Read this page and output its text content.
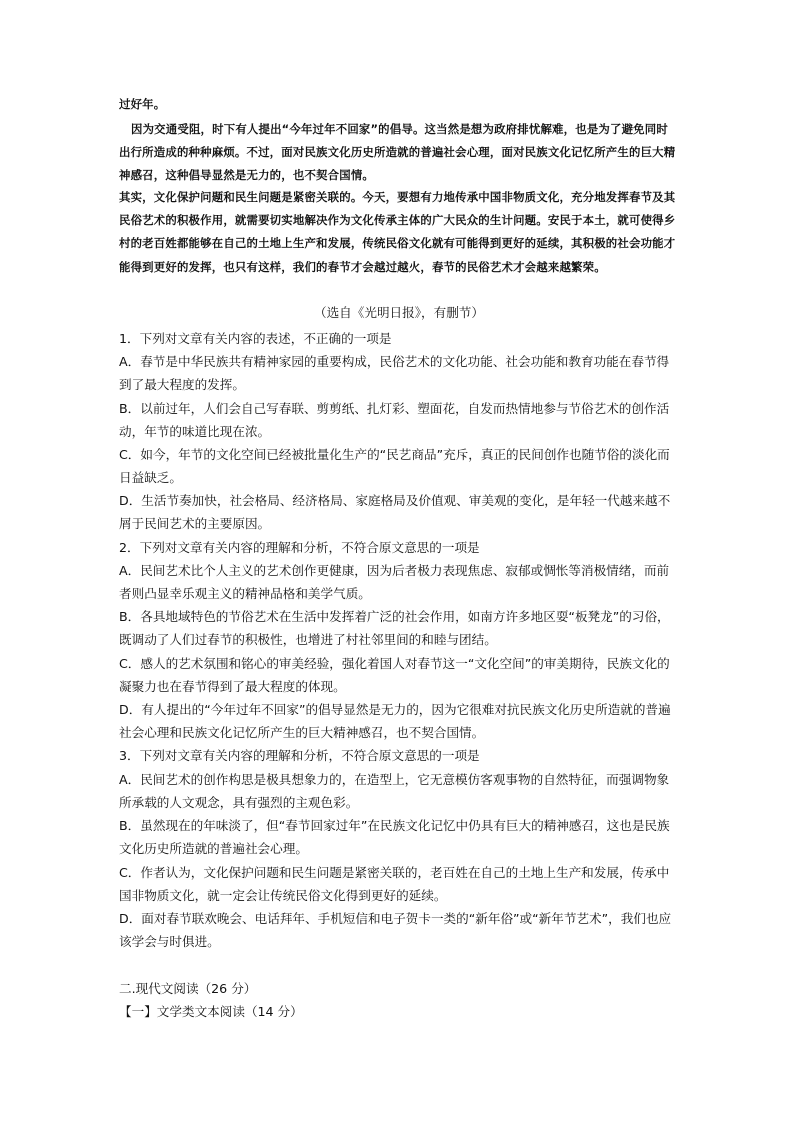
过好年。

因为交通受阻，时下有人提出“今年过年不回家”的倡导。这当然是想为政府排忧解难，也是为了避免同时出行所造成的种种麻烦。不过，面对民族文化历史所造就的普遍社会心理，面对民族文化记忆所产生的巨大精神感召，这种倡导显然是无力的，也不契合国情。

其实，文化保护问题和民生问题是紧密关联的。今天，要想有力地传承中国非物质文化，充分地发挥春节及其民俗艺术的积极作用，就需要切实地解决作为文化传承主体的广大民众的生计问题。安民于本土，就可使得乡村的老百姓都能够在自己的土地上生产和发展，传统民俗文化就有可能得到更好的延续，其积极的社会功能才能得到更好的发挥，也只有这样，我们的春节才会越过越火，春节的民俗艺术才会越来越繁荣。

（选自《光明日报》，有删节）

1．下列对文章有关内容的表述，不正确的一项是

A．春节是中华民族共有精神家园的重要构成，民俗艺术的文化功能、社会功能和教育功能在春节得到了最大程度的发挥。

B．以前过年，人们会自己写春联、剪剪纸、扎灯彩、塑面花，自发而热情地参与节俗艺术的创作活动，年节的味道比现在浓。

C．如今，年节的文化空间已经被批量化生产的“民艺商品”充斥，真正的民间创作也随节俗的淡化而日益缺乏。

D．生活节奏加快，社会格局、经济格局、家庭格局及价值观、审美观的变化，是年轻一代越来越不屑于民间艺术的主要原因。

2．下列对文章有关内容的理解和分析，不符合原文意思的一项是

A．民间艺术比个人主义的艺术创作更健康，因为后者极力表现焦虑、寂郁或惆怅等消极情绪，而前者则凸显幸乐观主义的精神品格和美学气质。

B．各具地域特色的节俗艺术在生活中发挥着广泛的社会作用，如南方许多地区耍“板凳龙”的习俗，既调动了人们过春节的积极性，也增进了村社邻里间的和睦与团结。

C．感人的艺术氛围和铭心的审美经验，强化着国人对春节这一“文化空间”的审美期待，民族文化的凝聚力也在春节得到了最大程度的体现。

D．有人提出的“今年过年不回家”的倡导显然是无力的，因为它很难对抗民族文化历史所造就的普遍社会心理和民族文化记忆所产生的巨大精神感召，也不契合国情。

3．下列对文章有关内容的理解和分析，不符合原文意思的一项是

A．民间艺术的创作构思是极具想象力的，在造型上，它无意模仿客观事物的自然特征，而强调物象所承载的人文观念，具有强烈的主观色彩。

B．虽然现在的年味淡了，但“春节回家过年”在民族文化记忆中仍具有巨大的精神感召，这也是民族文化历史所造就的普遍社会心理。

C．作者认为，文化保护问题和民生问题是紧密关联的，老百姓在自己的土地上生产和发展，传承中国非物质文化，就一定会让传统民俗文化得到更好的延续。

D．面对春节联欢晚会、电话拜年、手机短信和电子贺卡一类的“新年俗”或“新年节艺术”，我们也应该学会与时俱进。

二.现代文阅读（26 分）

【一】文学类文本阅读（14 分）
